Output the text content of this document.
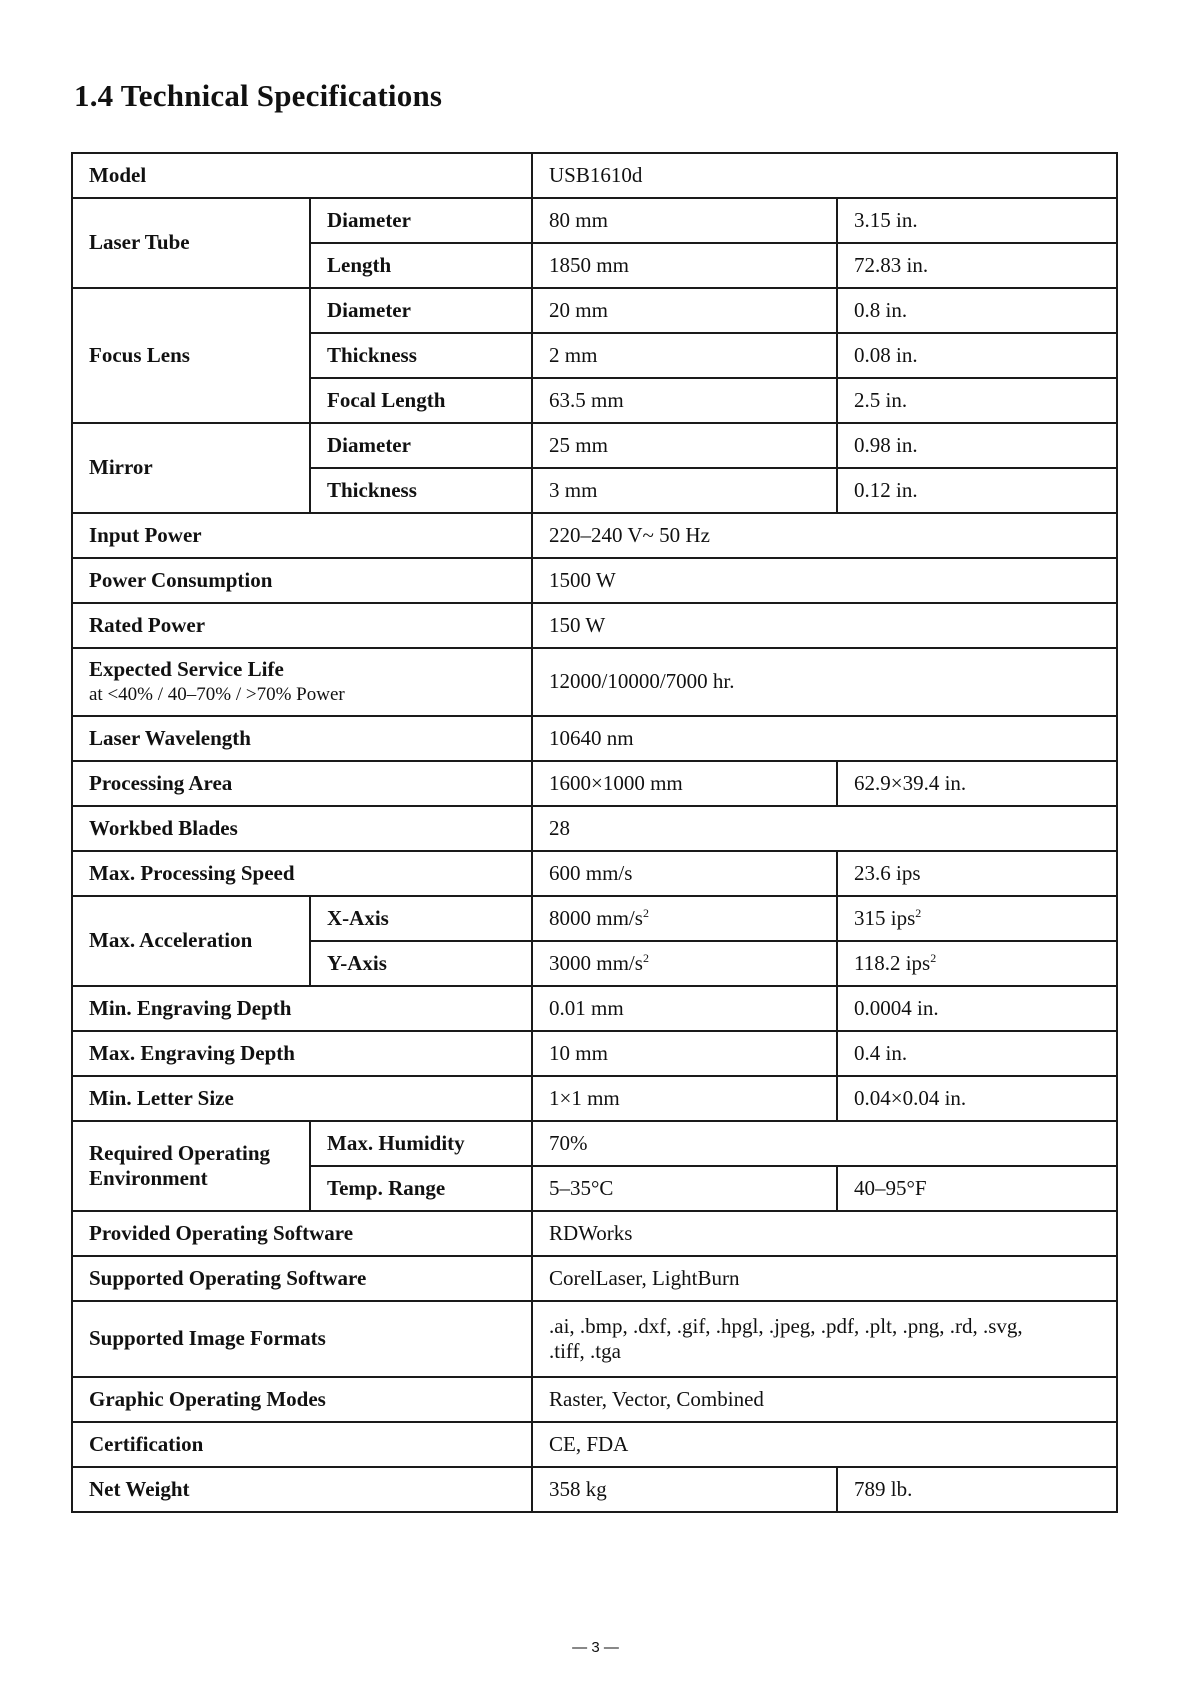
1.4 Technical Specifications
Model		USB1610d	
Laser Tube	Diameter	80 mm	3.15 in.
	Length	1850 mm	72.83 in.
Focus Lens	Diameter	20 mm	0.8 in.
	Thickness	2 mm	0.08 in.
	Focal Length	63.5 mm	2.5 in.
Mirror	Diameter	25 mm	0.98 in.
	Thickness	3 mm	0.12 in.
Input Power		220–240 V~ 50 Hz	
Power Consumption		1500 W	
Rated Power		150 W	
Expected Service Life
at <40% / 40–70% / >70% Power		12000/10000/7000 hr.	
Laser Wavelength		10640 nm	
Processing Area		1600×1000 mm	62.9×39.4 in.
Workbed Blades		28	
Max. Processing Speed		600 mm/s	23.6 ips
Max. Acceleration	X-Axis	8000 $mm/s^2$	315 ips$^2$
	Y-Axis	3000 $mm/s^2$	118.2 ips$^2$
Min. Engraving Depth		0.01 mm	0.0004 in.
Max. Engraving Depth		10 mm	0.4 in.
Min. Letter Size		1×1 mm	0.04×0.04 in.
Required Operating
Environment	Max. Humidity	70%	
	Temp. Range	5–35°C	40–95°F
Provided Operating Software		RDWorks	
Supported Operating Software		CorelLaser, LightBurn	
Supported Image Formats		.ai, .bmp, .dxf, .gif, .hpgl, .jpeg, .pdf, .plt, .png, .rd, .svg,
.tiff, .tga	
Graphic Operating Modes		Raster, Vector, Combined	
Certification		CE, FDA	
Net Weight		358 kg	789 lb.
— 3 —
